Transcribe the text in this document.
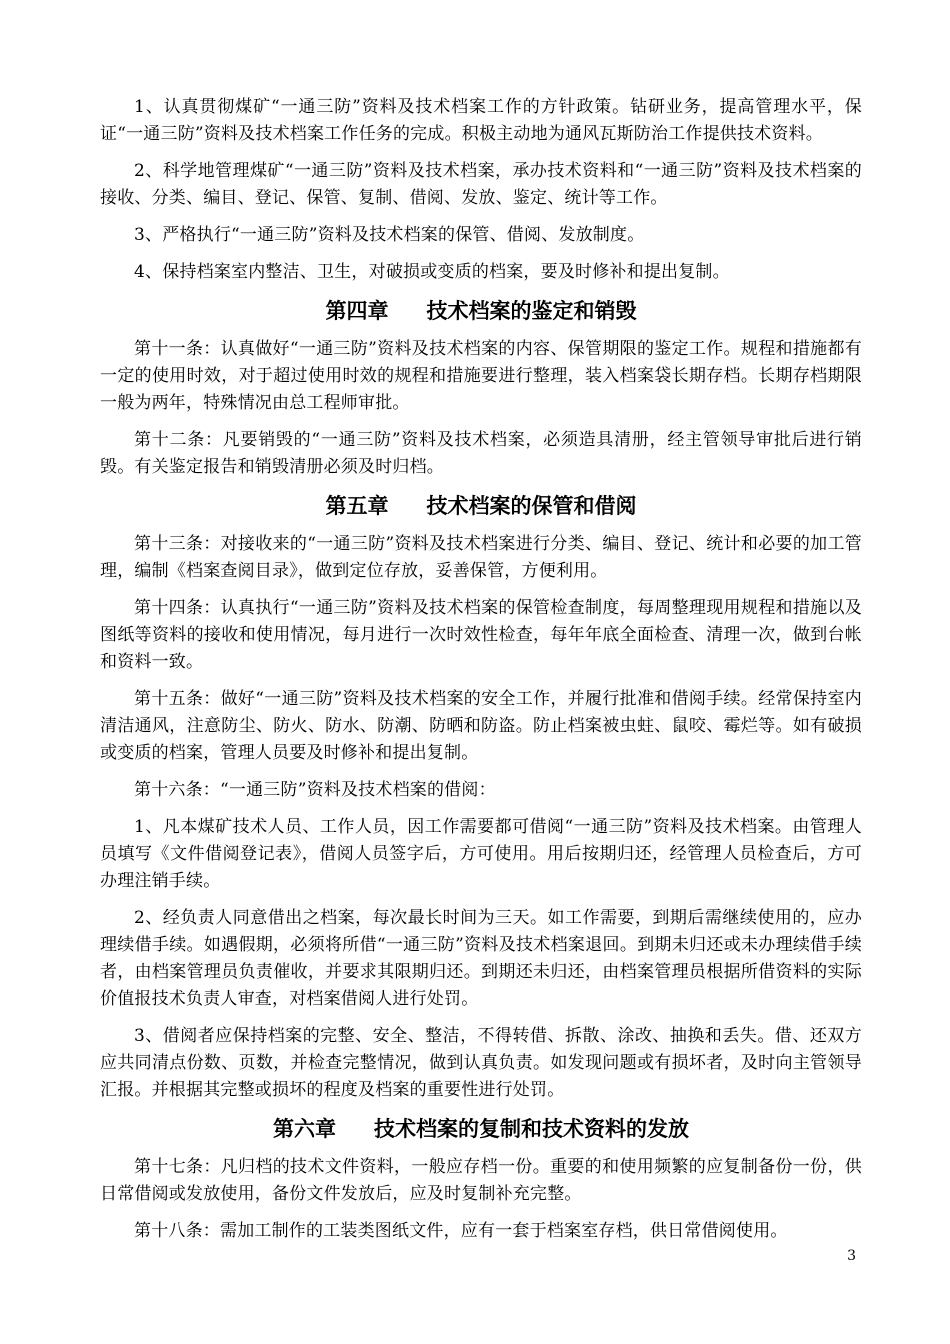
1、认真贯彻煤矿“一通三防”资料及技术档案工作的方针政策。钻研业务，提高管理水平，保证“一通三防”资料及技术档案工作任务的完成。积极主动地为通风瓦斯防治工作提供技术资料。

2、科学地管理煤矿“一通三防”资料及技术档案，承办技术资料和“一通三防”资料及技术档案的接收、分类、编目、登记、保管、复制、借阅、发放、鉴定、统计等工作。

3、严格执行“一通三防”资料及技术档案的保管、借阅、发放制度。

4、保持档案室内整洁、卫生，对破损或变质的档案，要及时修补和提出复制。

第四章 技术档案的鉴定和销毁

第十一条：认真做好“一通三防”资料及技术档案的内容、保管期限的鉴定工作。规程和措施都有一定的使用时效，对于超过使用时效的规程和措施要进行整理，装入档案袋长期存档。长期存档期限一般为两年，特殊情况由总工程师审批。

第十二条：凡要销毁的“一通三防”资料及技术档案，必须造具清册，经主管领导审批后进行销毁。有关鉴定报告和销毁清册必须及时归档。

第五章 技术档案的保管和借阅

第十三条：对接收来的“一通三防”资料及技术档案进行分类、编目、登记、统计和必要的加工管理，编制《档案查阅目录》，做到定位存放，妥善保管，方便利用。

第十四条：认真执行“一通三防”资料及技术档案的保管检查制度，每周整理现用规程和措施以及图纸等资料的接收和使用情况，每月进行一次时效性检查，每年年底全面检查、清理一次，做到台帐和资料一致。

第十五条：做好“一通三防”资料及技术档案的安全工作，并履行批准和借阅手续。经常保持室内清洁通风，注意防尘、防火、防水、防潮、防晒和防盗。防止档案被虫蛀、鼠咬、霉烂等。如有破损或变质的档案，管理人员要及时修补和提出复制。

第十六条：“一通三防”资料及技术档案的借阅：

1、凡本煤矿技术人员、工作人员，因工作需要都可借阅“一通三防”资料及技术档案。由管理人员填写《文件借阅登记表》，借阅人员签字后，方可使用。用后按期归还，经管理人员检查后，方可办理注销手续。

2、经负责人同意借出之档案，每次最长时间为三天。如工作需要，到期后需继续使用的，应办理续借手续。如遇假期，必须将所借“一通三防”资料及技术档案退回。到期未归还或未办理续借手续者，由档案管理员负责催收，并要求其限期归还。到期还未归还，由档案管理员根据所借资料的实际价值报技术负责人审查，对档案借阅人进行处罚。

3、借阅者应保持档案的完整、安全、整洁，不得转借、拆散、涂改、抽换和丢失。借、还双方应共同清点份数、页数，并检查完整情况，做到认真负责。如发现问题或有损坏者，及时向主管领导汇报。并根据其完整或损坏的程度及档案的重要性进行处罚。

第六章 技术档案的复制和技术资料的发放

第十七条：凡归档的技术文件资料，一般应存档一份。重要的和使用频繁的应复制备份一份，供日常借阅或发放使用，备份文件发放后，应及时复制补充完整。

第十八条：需加工制作的工装类图纸文件，应有一套于档案室存档，供日常借阅使用。

3
